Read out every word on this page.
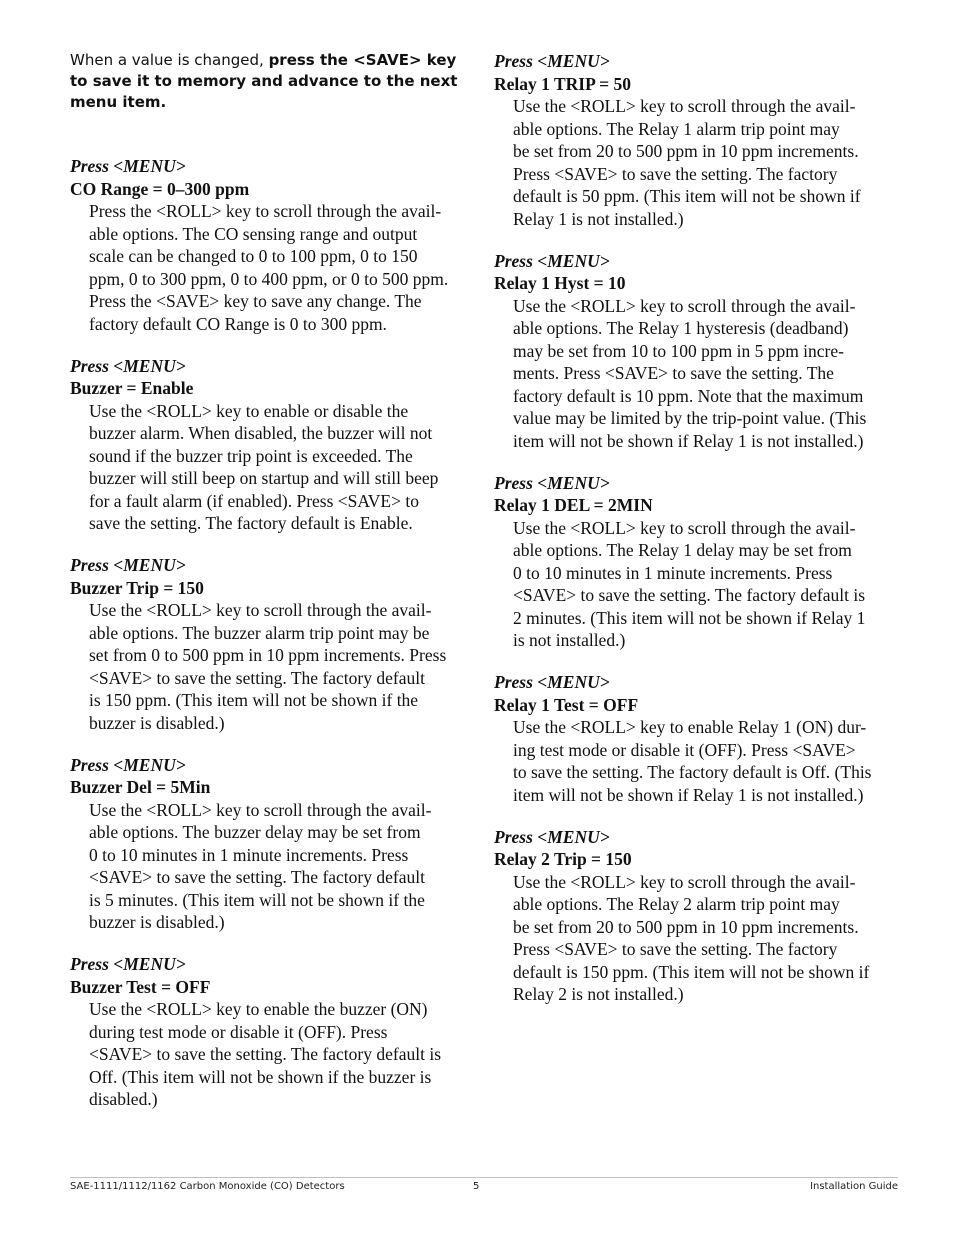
When a value is changed, press the <SAVE> key to save it to memory and advance to the next menu item.

Press <MENU>
CO Range = 0–300 ppm
Press the <ROLL> key to scroll through the avail-
able options. The CO sensing range and output
scale can be changed to 0 to 100 ppm, 0 to 150
ppm, 0 to 300 ppm, 0 to 400 ppm, or 0 to 500 ppm.
Press the <SAVE> key to save any change. The
factory default CO Range is 0 to 300 ppm.
Press <MENU>
Buzzer = Enable
Use the <ROLL> key to enable or disable the
buzzer alarm. When disabled, the buzzer will not
sound if the buzzer trip point is exceeded. The
buzzer will still beep on startup and will still beep
for a fault alarm (if enabled). Press <SAVE> to
save the setting. The factory default is Enable.
Press <MENU>
Buzzer Trip = 150
Use the <ROLL> key to scroll through the avail-
able options. The buzzer alarm trip point may be
set from 0 to 500 ppm in 10 ppm increments. Press
<SAVE> to save the setting. The factory default
is 150 ppm. (This item will not be shown if the
buzzer is disabled.)
Press <MENU>
Buzzer Del = 5Min
Use the <ROLL> key to scroll through the avail-
able options. The buzzer delay may be set from
0 to 10 minutes in 1 minute increments. Press
<SAVE> to save the setting. The factory default
is 5 minutes. (This item will not be shown if the
buzzer is disabled.)
Press <MENU>
Buzzer Test = OFF
Use the <ROLL> key to enable the buzzer (ON)
during test mode or disable it (OFF). Press
<SAVE> to save the setting. The factory default is
Off. (This item will not be shown if the buzzer is
disabled.)
Press <MENU>
Relay 1 TRIP = 50
Use the <ROLL> key to scroll through the avail-
able options. The Relay 1 alarm trip point may
be set from 20 to 500 ppm in 10 ppm increments.
Press <SAVE> to save the setting. The factory
default is 50 ppm. (This item will not be shown if
Relay 1 is not installed.)
Press <MENU>
Relay 1 Hyst = 10
Use the <ROLL> key to scroll through the avail-
able options. The Relay 1 hysteresis (deadband)
may be set from 10 to 100 ppm in 5 ppm incre-
ments. Press <SAVE> to save the setting. The
factory default is 10 ppm. Note that the maximum
value may be limited by the trip-point value. (This
item will not be shown if Relay 1 is not installed.)
Press <MENU>
Relay 1 DEL = 2MIN
Use the <ROLL> key to scroll through the avail-
able options. The Relay 1 delay may be set from
0 to 10 minutes in 1 minute increments. Press
<SAVE> to save the setting. The factory default is
2 minutes. (This item will not be shown if Relay 1
is not installed.)
Press <MENU>
Relay 1 Test = OFF
Use the <ROLL> key to enable Relay 1 (ON) dur-
ing test mode or disable it (OFF). Press <SAVE>
to save the setting. The factory default is Off. (This
item will not be shown if Relay 1 is not installed.)
Press <MENU>
Relay 2 Trip = 150
Use the <ROLL> key to scroll through the avail-
able options. The Relay 2 alarm trip point may
be set from 20 to 500 ppm in 10 ppm increments.
Press <SAVE> to save the setting. The factory
default is 150 ppm. (This item will not be shown if
Relay 2 is not installed.)
SAE-1111/1112/1162 Carbon Monoxide (CO) Detectors	5	Installation Guide
